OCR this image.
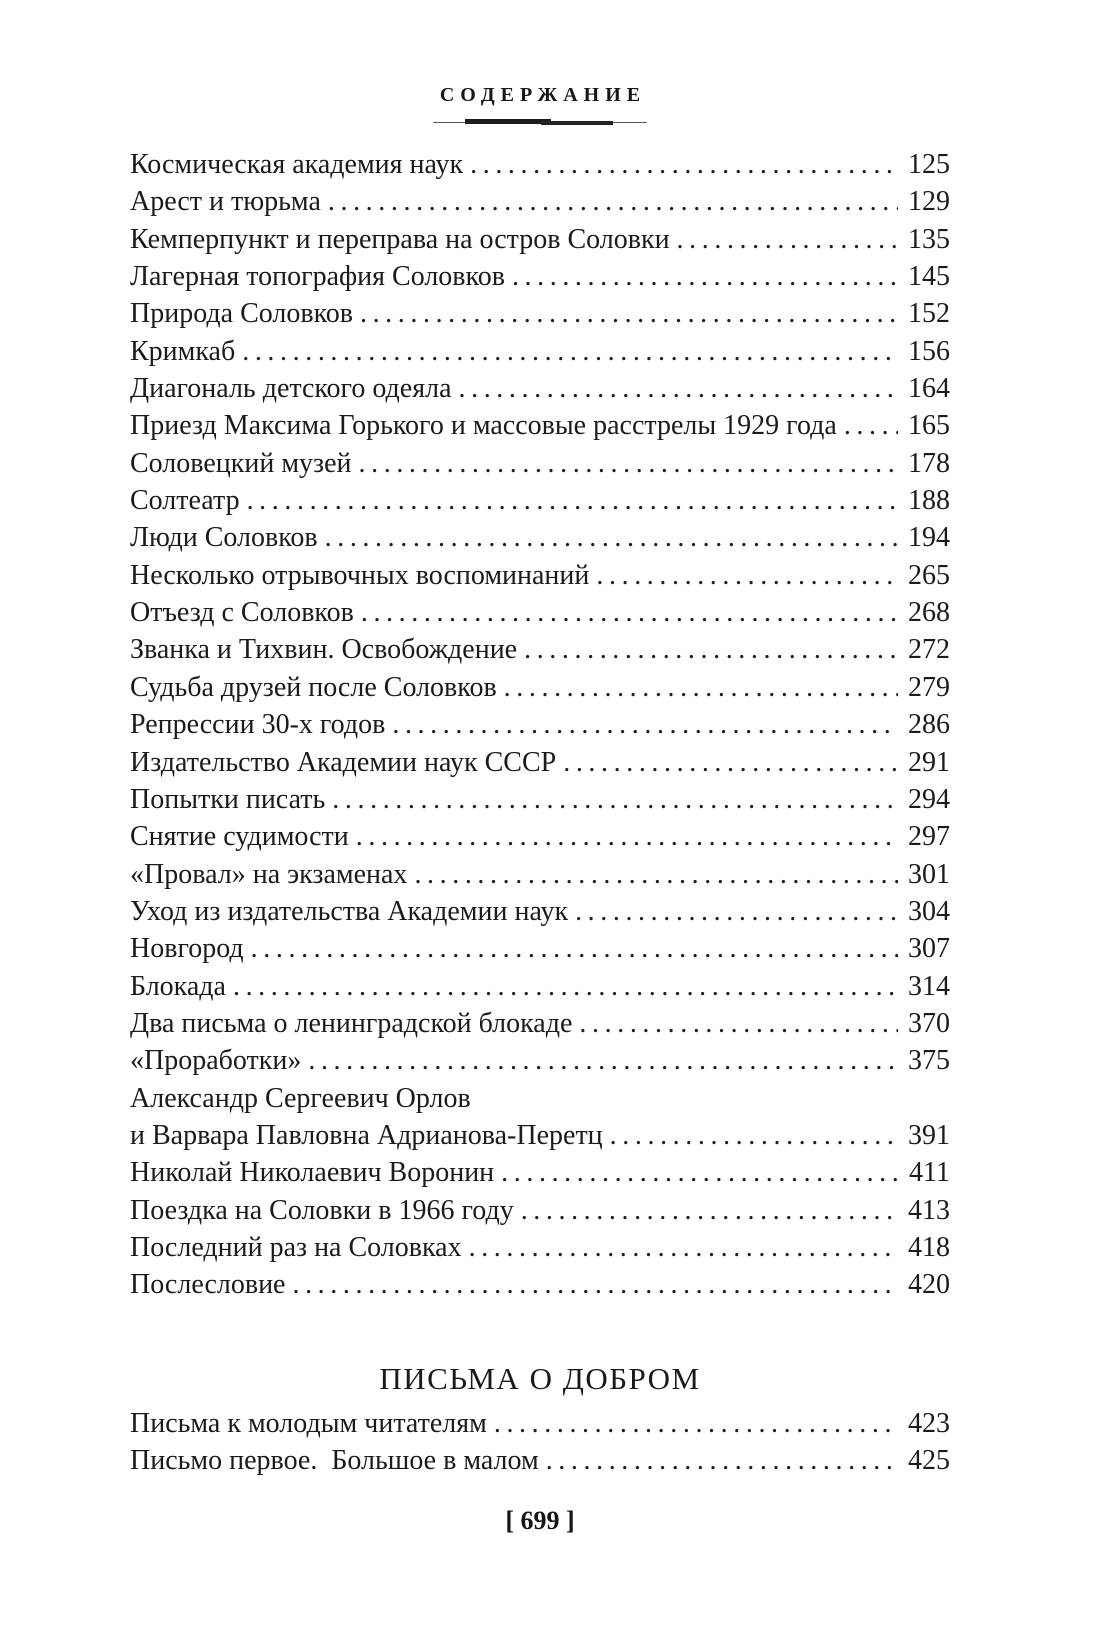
СОДЕРЖАНИЕ
Космическая академия наук .....	125
Арест и тюрьма .....	129
Кемперпункт и переправа на остров Соловки .....	135
Лагерная топография Соловков .....	145
Природа Соловков .....	152
Кримкаб .....	156
Диагональ детского одеяла .....	164
Приезд Максима Горького и массовые расстрелы 1929 года .....	165
Соловецкий музей .....	178
Солтеатр .....	188
Люди Соловков .....	194
Несколько отрывочных воспоминаний .....	265
Отъезд с Соловков .....	268
Званка и Тихвин. Освобождение .....	272
Судьба друзей после Соловков .....	279
Репрессии 30-х годов .....	286
Издательство Академии наук СССР .....	291
Попытки писать .....	294
Снятие судимости .....	297
«Провал» на экзаменах .....	301
Уход из издательства Академии наук .....	304
Новгород .....	307
Блокада .....	314
Два письма о ленинградской блокаде .....	370
«Проработки» .....	375
Александр Сергеевич Орлов
и Варвара Павловна Адрианова-Перетц .....	391
Николай Николаевич Воронин .....	411
Поездка на Соловки в 1966 году .....	413
Последний раз на Соловках .....	418
Послесловие .....	420
ПИСЬМА О ДОБРОМ
Письма к молодым читателям .....	423
Письмо первое.  Большое в малом .....	425
[ 699 ]
